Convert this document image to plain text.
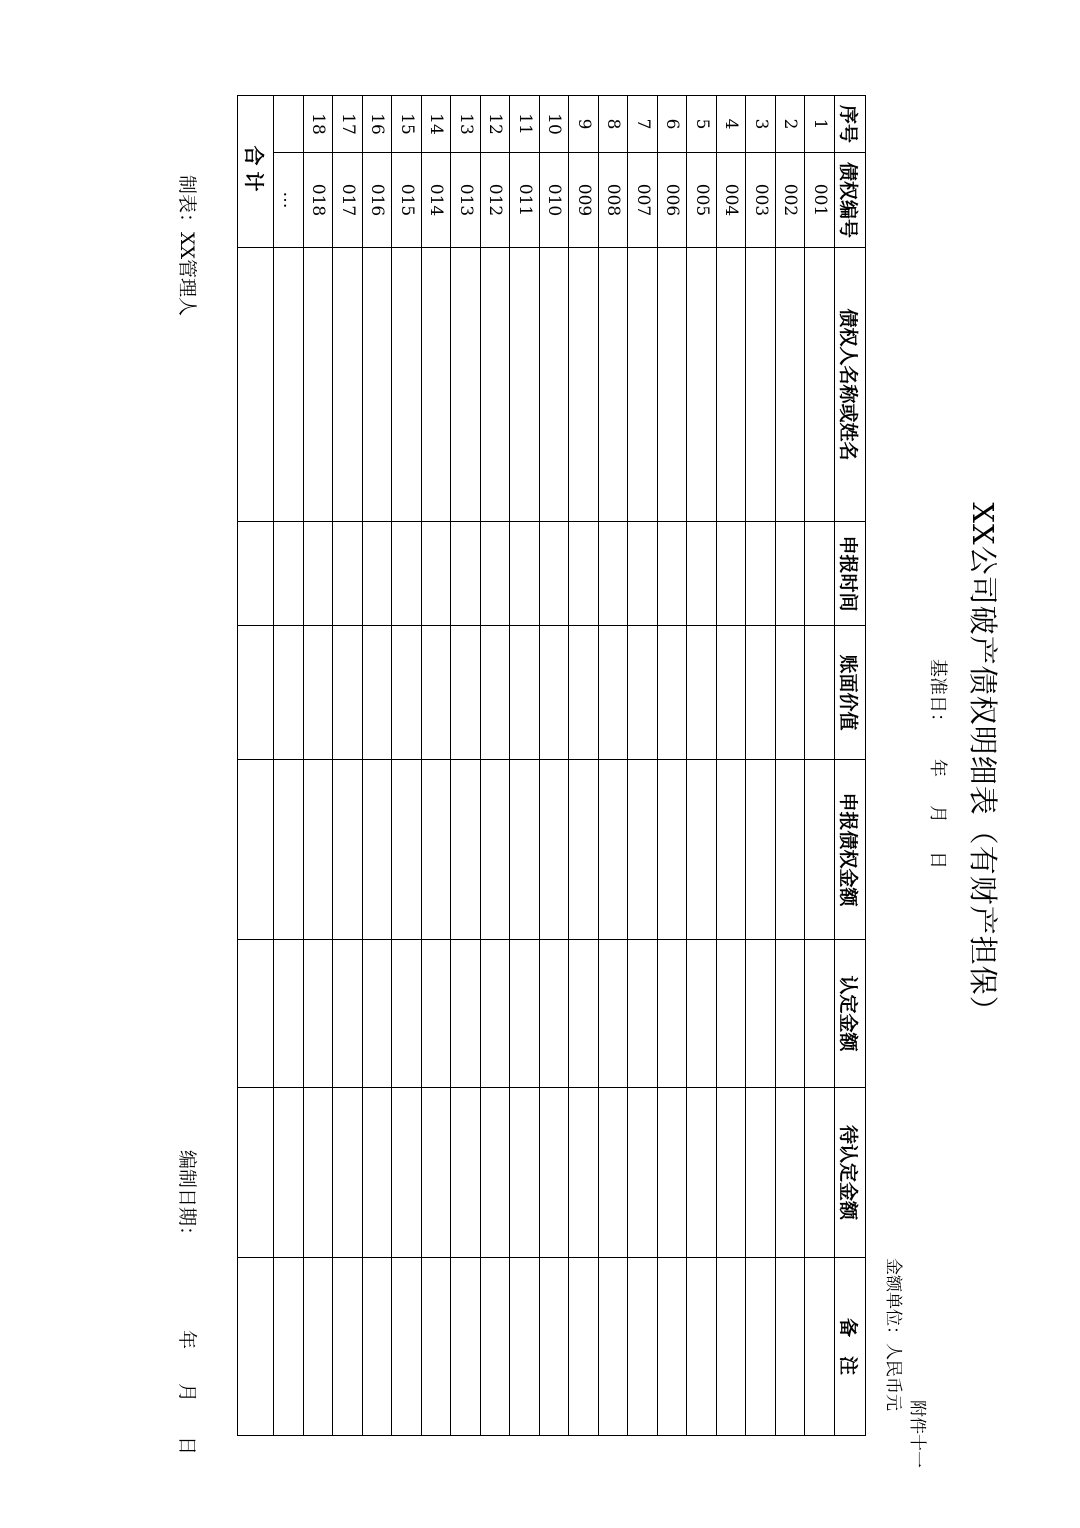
附件十一
XX公司破产债权明细表（有财产担保）
基准日：年月日
金额单位：人民币元
序号	债权编号	债权人名称或姓名	申报时间	账面价值	申报债权金额	认定金额	待认定金额	备　注
1	001							
2	002							
3	003							
4	004							
5	005							
6	006							
7	007							
8	008							
9	009							
10	010							
11	011							
12	012							
13	013							
14	014							
15	015							
16	016							
17	017							
18	018							
	…							
合计								
制表：XX管理人
编制日期：
年月日
